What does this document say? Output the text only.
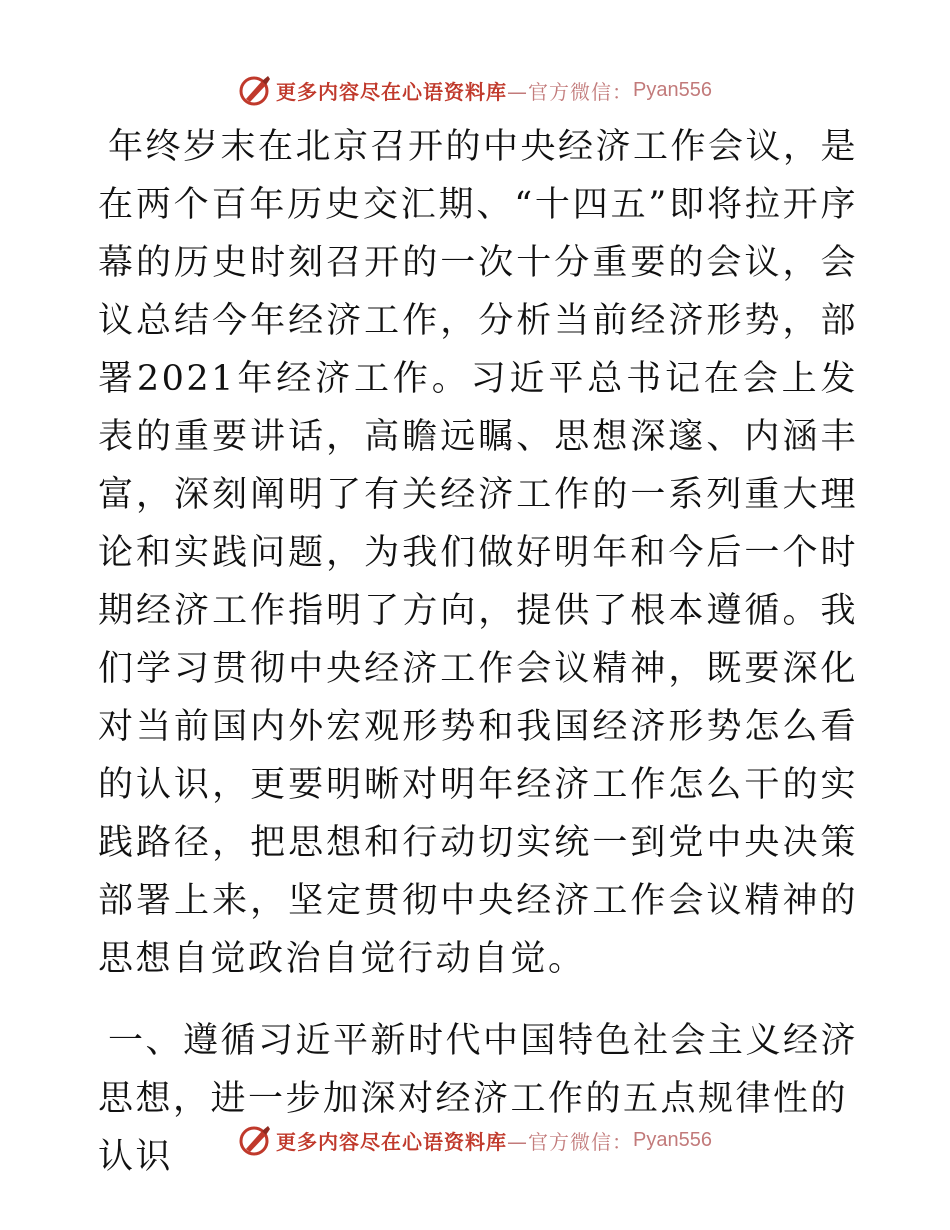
更多内容尽在心语资料库 —官方微信： Pyan556

年终岁末在北京召开的中央经济工作会议，是在两个百年历史交汇期、“十四五”即将拉开序幕的历史时刻召开的一次十分重要的会议，会议总结今年经济工作，分析当前经济形势，部署2021年经济工作。习近平总书记在会上发表的重要讲话，高瞻远瞩、思想深邃、内涵丰富，深刻阐明了有关经济工作的一系列重大理论和实践问题，为我们做好明年和今后一个时期经济工作指明了方向，提供了根本遵循。我们学习贯彻中央经济工作会议精神，既要深化对当前国内外宏观形势和我国经济形势怎么看的认识，更要明晰对明年经济工作怎么干的实践路径，把思想和行动切实统一到党中央决策部署上来，坚定贯彻中央经济工作会议精神的思想自觉政治自觉行动自觉。

一、遵循习近平新时代中国特色社会主义经济思想，进一步加深对经济工作的五点规律性的认识	更多内容尽在心语资料库 —官方微信： Pyan556
